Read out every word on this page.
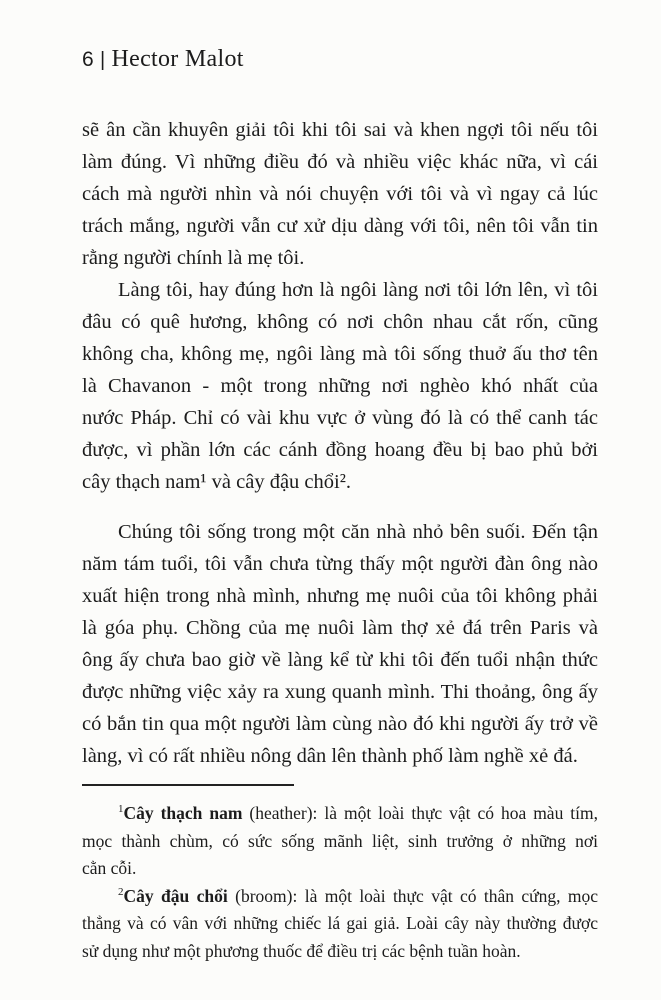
6 | Hector Malot

sẽ ân cần khuyên giải tôi khi tôi sai và khen ngợi tôi nếu tôi
làm đúng. Vì những điều đó và nhiều việc khác nữa, vì cái
cách mà người nhìn và nói chuyện với tôi và vì ngay cả lúc
trách mắng, người vẫn cư xử dịu dàng với tôi, nên tôi vẫn tin
rằng người chính là mẹ tôi.

Làng tôi, hay đúng hơn là ngôi làng nơi tôi lớn lên, vì tôi
đâu có quê hương, không có nơi chôn nhau cắt rốn, cũng
không cha, không mẹ, ngôi làng mà tôi sống thuở ấu thơ tên
là Chavanon - một trong những nơi nghèo khó nhất của
nước Pháp. Chỉ có vài khu vực ở vùng đó là có thể canh tác
được, vì phần lớn các cánh đồng hoang đều bị bao phủ bởi
cây thạch nam¹ và cây đậu chổi².

Chúng tôi sống trong một căn nhà nhỏ bên suối. Đến tận
năm tám tuổi, tôi vẫn chưa từng thấy một người đàn ông nào
xuất hiện trong nhà mình, nhưng mẹ nuôi của tôi không phải
là góa phụ. Chồng của mẹ nuôi làm thợ xẻ đá trên Paris và
ông ấy chưa bao giờ về làng kể từ khi tôi đến tuổi nhận thức
được những việc xảy ra xung quanh mình. Thi thoảng, ông ấy
có bắn tin qua một người làm cùng nào đó khi người ấy trở về
làng, vì có rất nhiều nông dân lên thành phố làm nghề xẻ đá.

$^1$Cây thạch nam (heather): là một loài thực vật có hoa màu tím,
mọc thành chùm, có sức sống mãnh liệt, sinh trưởng ở những nơi
cằn cỗi.
$^2$Cây đậu chổi (broom): là một loài thực vật có thân cứng, mọc
thẳng và có vân với những chiếc lá gai giả. Loài cây này thường được
sử dụng như một phương thuốc để điều trị các bệnh tuần hoàn.
